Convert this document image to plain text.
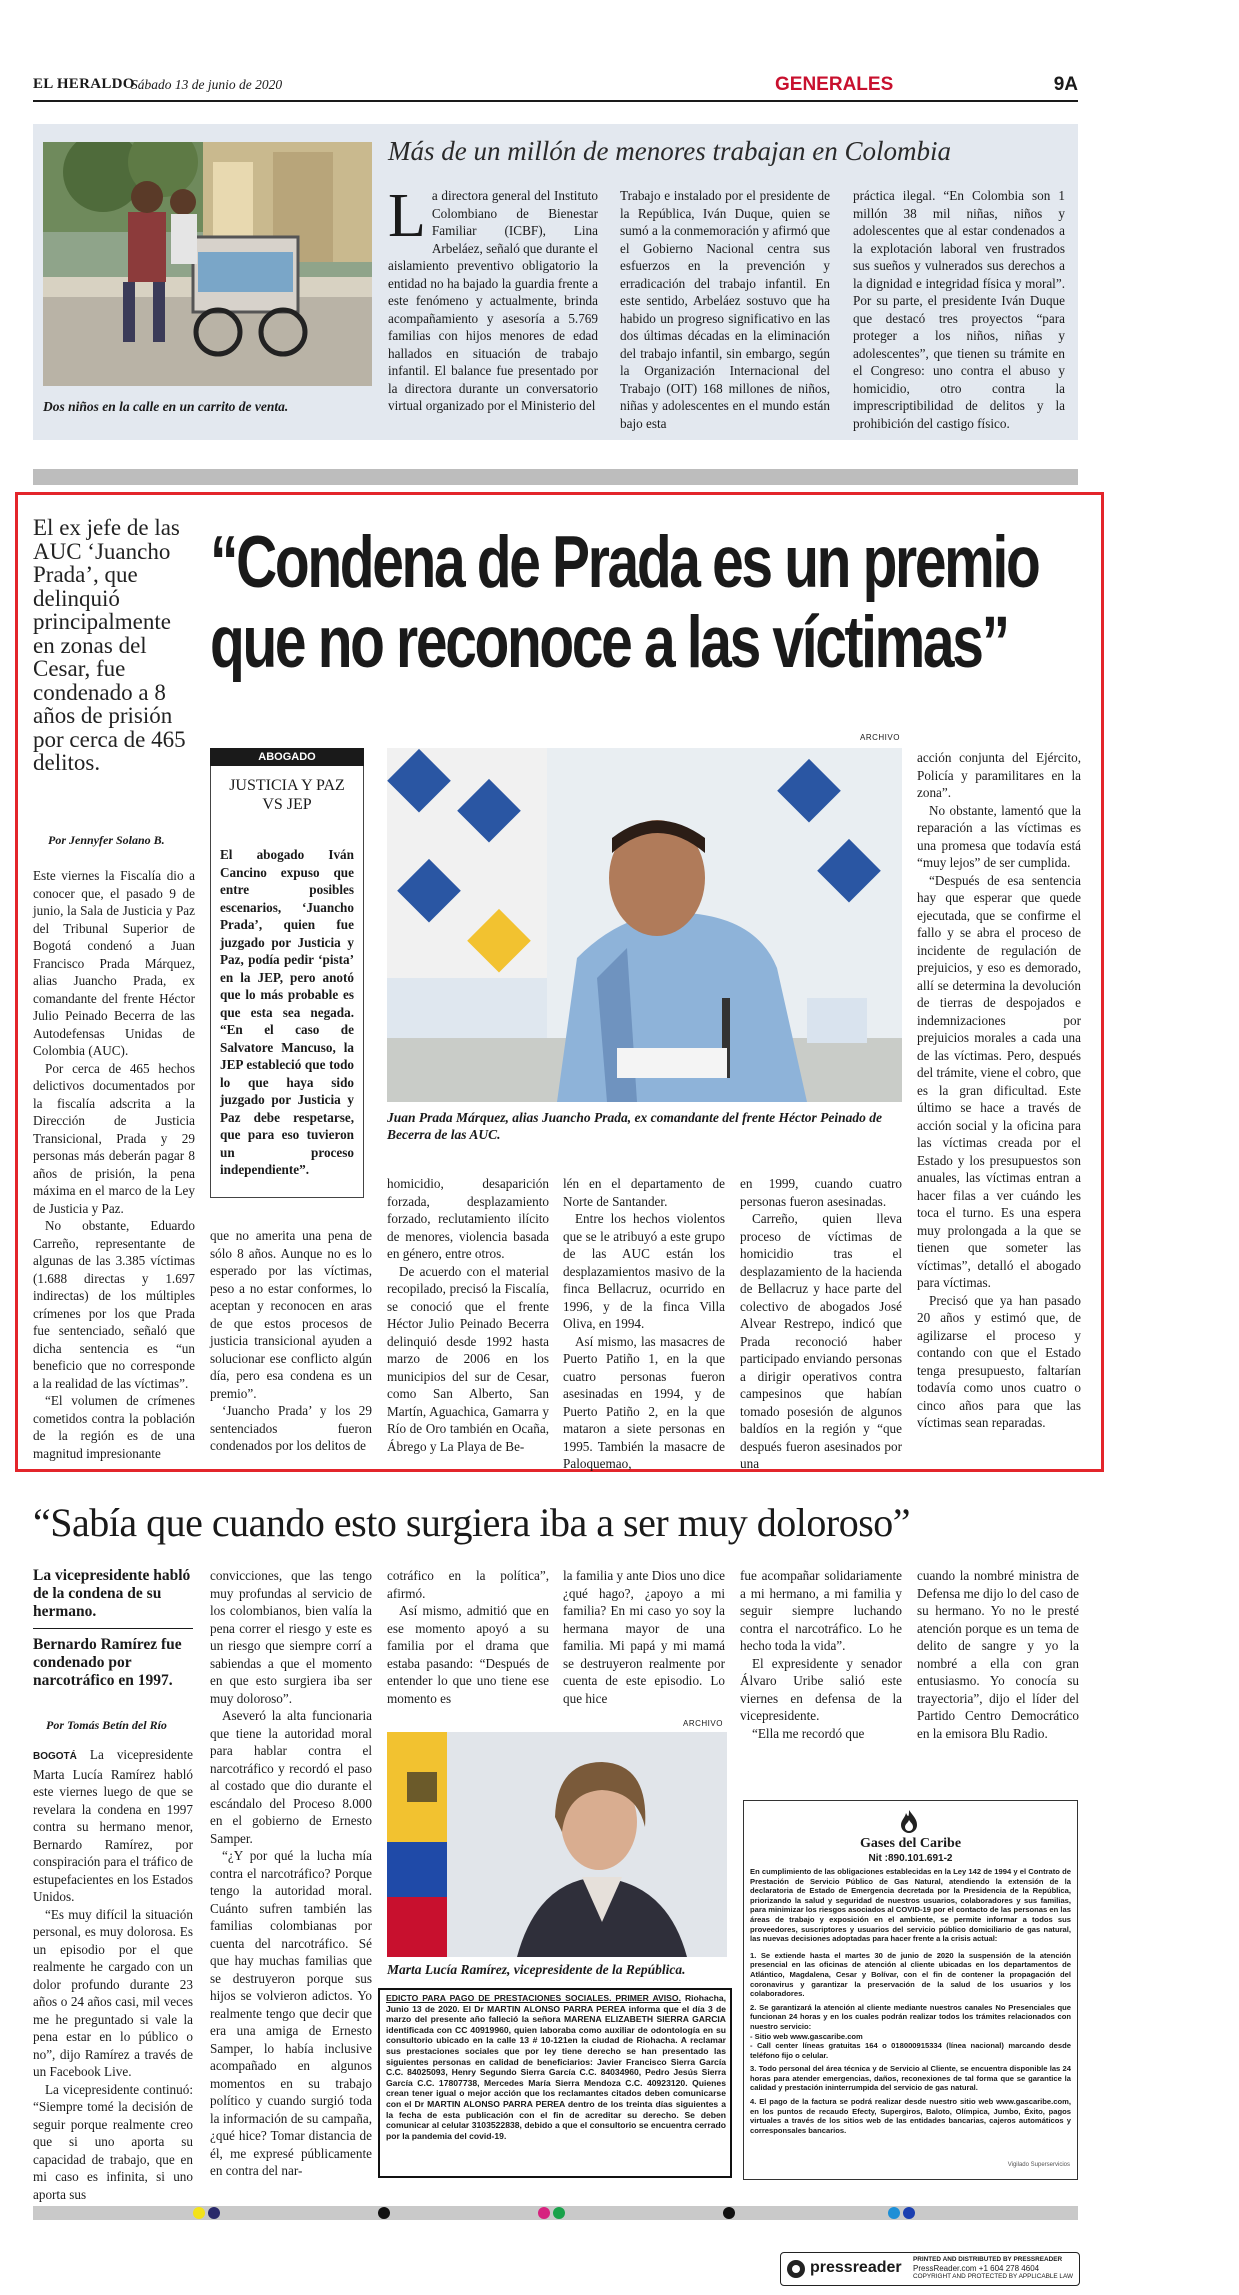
EL HERALDO
Sábado 13 de junio de 2020	GENERALES	9A
Dos niños en la calle en un carrito de venta.
Más de un millón de menores trabajan en Colombia
La directora general del Instituto Colombiano de Bienestar Familiar (ICBF), Lina Arbeláez, señaló que durante el aislamiento preventivo obligatorio la entidad no ha bajado la guardia frente a este fenómeno y actualmente, brinda acompañamiento y asesoría a 5.769 familias con hijos menores de edad hallados en situación de trabajo infantil. El balance fue presentado por la directora durante un conversatorio virtual organizado por el Ministerio del
Trabajo e instalado por el presidente de la República, Iván Duque, quien se sumó a la conmemoración y afirmó que el Gobierno Nacional centra sus esfuerzos en la prevención y erradicación del trabajo infantil. En este sentido, Arbeláez sostuvo que ha habido un progreso significativo en las dos últimas décadas en la eliminación del trabajo infantil, sin embargo, según la Organización Internacional del Trabajo (OIT) 168 millones de niños, niñas y adolescentes en el mundo están bajo esta
práctica ilegal. “En Colombia son 1 millón 38 mil niñas, niños y adolescentes que al estar condenados a la explotación laboral ven frustrados sus sueños y vulnerados sus derechos a la dignidad e integridad física y moral”. Por su parte, el presidente Iván Duque que destacó tres proyectos “para proteger a los niños, niñas y adolescentes”, que tienen su trámite en el Congreso: uno contra el abuso y homicidio, otro contra la imprescriptibilidad de delitos y la prohibición del castigo físico.
El ex jefe de las AUC ‘Juancho Prada’, que delinquió principalmente en zonas del Cesar, fue condenado a 8 años de prisión por cerca de 465 delitos.
Por Jennyfer Solano B.
“Condena de Prada es un premio
que no reconoce a las víctimas”
ABOGADO
JUSTICIA Y PAZ VS JEP
El abogado Iván Cancino expuso que entre posibles escenarios, ‘Juancho Prada’, quien fue juzgado por Justicia y Paz, podía pedir ‘pista’ en la JEP, pero anotó que lo más probable es que esta sea negada. “En el caso de Salvatore Mancuso, la JEP estableció que todo lo que haya sido juzgado por Justicia y Paz debe respetarse, que para eso tuvieron un proceso independiente”.
ARCHIVO
Juan Prada Márquez, alias Juancho Prada, ex comandante del frente Héctor Peinado de Becerra de las AUC.

Este viernes la Fiscalía dio a conocer que, el pasado 9 de junio, la Sala de Justicia y Paz del Tribunal Superior de Bogotá condenó a Juan Francisco Prada Márquez, alias Juancho Prada, ex comandante del frente Héctor Julio Peinado Becerra de las Autodefensas Unidas de Colombia (AUC).

Por cerca de 465 hechos delictivos documentados por la fiscalía adscrita a la Dirección de Justicia Transicional, Prada y 29 personas más deberán pagar 8 años de prisión, la pena máxima en el marco de la Ley de Justicia y Paz.

No obstante, Eduardo Carreño, representante de algunas de las 3.385 víctimas (1.688 directas y 1.697 indirectas) de los múltiples crímenes por los que Prada fue sentenciado, señaló que dicha sentencia es “un beneficio que no corresponde a la realidad de las víctimas”.

“El volumen de crímenes cometidos contra la población de la región es de una magnitud impresionante

que no amerita una pena de sólo 8 años. Aunque no es lo esperado por las víctimas, peso a no estar conformes, lo aceptan y reconocen en aras de que estos procesos de justicia transicional ayuden a solucionar ese conflicto algún día, pero esa condena es un premio”.

‘Juancho Prada’ y los 29 sentenciados fueron condenados por los delitos de

homicidio, desaparición forzada, desplazamiento forzado, reclutamiento ilícito de menores, violencia basada en género, entre otros.

De acuerdo con el material recopilado, precisó la Fiscalía, se conoció que el frente Héctor Julio Peinado Becerra delinquió desde 1992 hasta marzo de 2006 en los municipios del sur de Cesar, como San Alberto, San Martín, Aguachica, Gamarra y Río de Oro también en Ocaña, Ábrego y La Playa de Be-

lén en el departamento de Norte de Santander.

Entre los hechos violentos que se le atribuyó a este grupo de las AUC están los desplazamientos masivo de la finca Bellacruz, ocurrido en 1996, y de la finca Villa Oliva, en 1994.

Así mismo, las masacres de Puerto Patiño 1, en la que cuatro personas fueron asesinadas en 1994, y de Puerto Patiño 2, en la que mataron a siete personas en 1995. También la masacre de Paloquemao,

en 1999, cuando cuatro personas fueron asesinadas.

Carreño, quien lleva proceso de víctimas de homicidio tras el desplazamiento de la hacienda de Bellacruz y hace parte del colectivo de abogados José Alvear Restrepo, indicó que Prada reconoció haber participado enviando personas a dirigir operativos contra campesinos que habían tomado posesión de algunos baldíos en la región y “que después fueron asesinados por una

acción conjunta del Ejército, Policía y paramilitares en la zona”.

No obstante, lamentó que la reparación a las víctimas es una promesa que todavía está “muy lejos” de ser cumplida.

“Después de esa sentencia hay que esperar que quede ejecutada, que se confirme el fallo y se abra el proceso de incidente de regulación de prejuicios, y eso es demorado, allí se determina la devolución de tierras de despojados e indemnizaciones por prejuicios morales a cada una de las víctimas. Pero, después del trámite, viene el cobro, que es la gran dificultad. Este último se hace a través de acción social y la oficina para las víctimas creada por el Estado y los presupuestos son anuales, las víctimas entran a hacer filas a ver cuándo les toca el turno. Es una espera muy prolongada a la que se tienen que someter las víctimas”, detalló el abogado para víctimas.

Precisó que ya han pasado 20 años y estimó que, de agilizarse el proceso y contando con que el Estado tenga presupuesto, faltarían todavía como unos cuatro o cinco años para que las víctimas sean reparadas.

“Sabía que cuando esto surgiera iba a ser muy doloroso”
La vicepresidente habló de la condena de su hermano.
Bernardo Ramírez fue condenado por narcotráfico en 1997.
Por Tomás Betín del Río

BOGOTÁ La vicepresidente Marta Lucía Ramírez habló este viernes luego de que se revelara la condena en 1997 contra su hermano menor, Bernardo Ramírez, por conspiración para el tráfico de estupefacientes en los Estados Unidos.

“Es muy difícil la situación personal, es muy dolorosa. Es un episodio por el que realmente he cargado con un dolor profundo durante 23 años o 24 años casi, mil veces me he preguntado si vale la pena estar en lo público o no”, dijo Ramírez a través de un Facebook Live.

La vicepresidente continuó: “Siempre tomé la decisión de seguir porque realmente creo que si uno aporta su capacidad de trabajo, que en mi caso es infinita, si uno aporta sus

convicciones, que las tengo muy profundas al servicio de los colombianos, bien valía la pena correr el riesgo y este es un riesgo que siempre corrí a sabiendas a que el momento en que esto surgiera iba ser muy doloroso”.

Aseveró la alta funcionaria que tiene la autoridad moral para hablar contra el narcotráfico y recordó el paso al costado que dio durante el escándalo del Proceso 8.000 en el gobierno de Ernesto Samper.

“¿Y por qué la lucha mía contra el narcotráfico? Porque tengo la autoridad moral. Cuánto sufren también las familias colombianas por cuenta del narcotráfico. Sé que hay muchas familias que se destruyeron porque sus hijos se volvieron adictos. Yo realmente tengo que decir que era una amiga de Ernesto Samper, lo había inclusive acompañado en algunos momentos en su trabajo político y cuando surgió toda la información de su campaña, ¿qué hice? Tomar distancia de él, me expresé públicamente en contra del nar-

cotráfico en la política”, afirmó.

Así mismo, admitió que en ese momento apoyó a su familia por el drama que estaba pasando: “Después de entender lo que uno tiene ese momento es

la familia y ante Dios uno dice ¿qué hago?, ¿apoyo a mi familia? En mi caso yo soy la hermana mayor de una familia. Mi papá y mi mamá se destruyeron realmente por cuenta de este episodio. Lo que hice

fue acompañar solidariamente a mi hermano, a mi familia y seguir siempre luchando contra el narcotráfico. Lo he hecho toda la vida”.

El expresidente y senador Álvaro Uribe salió este viernes en defensa de la vicepresidente.

“Ella me recordó que

cuando la nombré ministra de Defensa me dijo lo del caso de su hermano. Yo no le presté atención porque es un tema de delito de sangre y yo la nombré a ella con gran entusiasmo. Yo conocía su trayectoria”, dijo el líder del Partido Centro Democrático en la emisora Blu Radio.
ARCHIVO
Marta Lucía Ramírez, vicepresidente de la República.
EDICTO PARA PAGO DE PRESTACIONES SOCIALES. PRIMER AVISO. Riohacha, Junio 13 de 2020. El Dr MARTIN ALONSO PARRA PEREA informa que el día 3 de marzo del presente año falleció la señora MARENA ELIZABETH SIERRA GARCIA identificada con CC 40919960, quien laboraba como auxiliar de odontología en su consultorio ubicado en la calle 13 # 10-121en la ciudad de Riohacha. A reclamar sus prestaciones sociales que por ley tiene derecho se han presentado las siguientes personas en calidad de beneficiarios: Javier Francisco Sierra García C.C. 84025093, Henry Segundo Sierra García C.C. 84034960, Pedro Jesús Sierra García C.C. 17807738, Mercedes María Sierra Mendoza C.C. 40923120. Quienes crean tener igual o mejor acción que los reclamantes citados deben comunicarse con el Dr MARTIN ALONSO PARRA PEREA dentro de los treinta días siguientes a la fecha de esta publicación con el fin de acreditar su derecho. Se deben comunicar al celular 3103522838, debido a que el consultorio se encuentra cerrado por la pandemia del covid-19.
Gases del Caribe
Nit :890.101.691-2
En cumplimiento de las obligaciones establecidas en la Ley 142 de 1994 y el Contrato de Prestación de Servicio Público de Gas Natural, atendiendo la extensión de la declaratoria de Estado de Emergencia decretada por la Presidencia de la República, priorizando la salud y seguridad de nuestros usuarios, colaboradores y sus familias, para minimizar los riesgos asociados al COVID-19 por el contacto de las personas en las áreas de trabajo y exposición en el ambiente, se permite informar a todos sus proveedores, suscriptores y usuarios del servicio público domiciliario de gas natural, las nuevas decisiones adoptadas para hacer frente a la crisis actual:
1. Se extiende hasta el martes 30 de junio de 2020 la suspensión de la atención presencial en las oficinas de atención al cliente ubicadas en los departamentos de Atlántico, Magdalena, Cesar y Bolívar, con el fin de contener la propagación del coronavirus y garantizar la preservación de la salud de los usuarios y los colaboradores.
2. Se garantizará la atención al cliente mediante nuestros canales No Presenciales que funcionan 24 horas y en los cuales podrán realizar todos los trámites relacionados con nuestro servicio:
- Sitio web www.gascaribe.com
- Call center líneas gratuitas 164 o 018000915334 (línea nacional) marcando desde teléfono fijo o celular.
3. Todo personal del área técnica y de Servicio al Cliente, se encuentra disponible las 24 horas para atender emergencias, daños, reconexiones de tal forma que se garantice la calidad y prestación ininterrumpida del servicio de gas natural.
4. El pago de la factura se podrá realizar desde nuestro sitio web www.gascaribe.com, en los puntos de recaudo Efecty, Supergiros, Baloto, Olímpica, Jumbo, Éxito, pagos virtuales a través de los sitios web de las entidades bancarias, cajeros automáticos y corresponsales bancarios.
Vigilado Superservicios
pressreader PRINTED AND DISTRIBUTED BY PRESSREADER
PressReader.com +1 604 278 4604
COPYRIGHT AND PROTECTED BY APPLICABLE LAW
